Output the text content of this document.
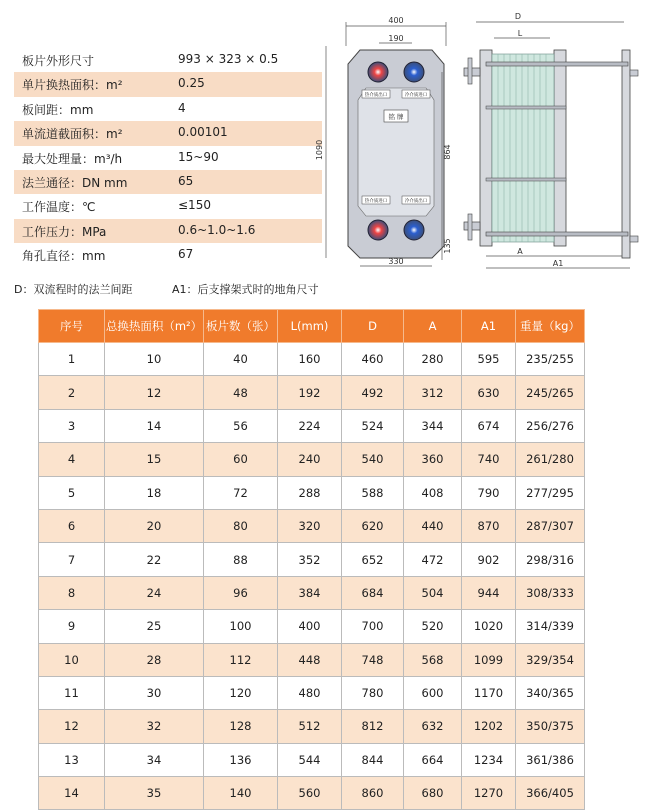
板片外形尺寸	993 × 323 × 0.5
单片换热面积：m²	0.25
板间距：mm	4
单流道截面积：m²	0.00101
最大处理量：m³/h	15~90
法兰通径：DN mm	65
工作温度：℃	≤150
工作压力：MPa	0.6~1.0~1.6
角孔直径：mm	67
400
190
1090	864
135
热介质出口	冷介质进口
热介质进口	冷介质出口
铭 牌
330
D
L
A
A1
D：双流程时的法兰间距	A1：后支撑架式时的地角尺寸
序号	总换热面积（m²）	板片数（张）	L(mm)	D	A	A1	重量（kg）
1	10	40	160	460	280	595	235/255
2	12	48	192	492	312	630	245/265
3	14	56	224	524	344	674	256/276
4	15	60	240	540	360	740	261/280
5	18	72	288	588	408	790	277/295
6	20	80	320	620	440	870	287/307
7	22	88	352	652	472	902	298/316
8	24	96	384	684	504	944	308/333
9	25	100	400	700	520	1020	314/339
10	28	112	448	748	568	1099	329/354
11	30	120	480	780	600	1170	340/365
12	32	128	512	812	632	1202	350/375
13	34	136	544	844	664	1234	361/386
14	35	140	560	860	680	1270	366/405
